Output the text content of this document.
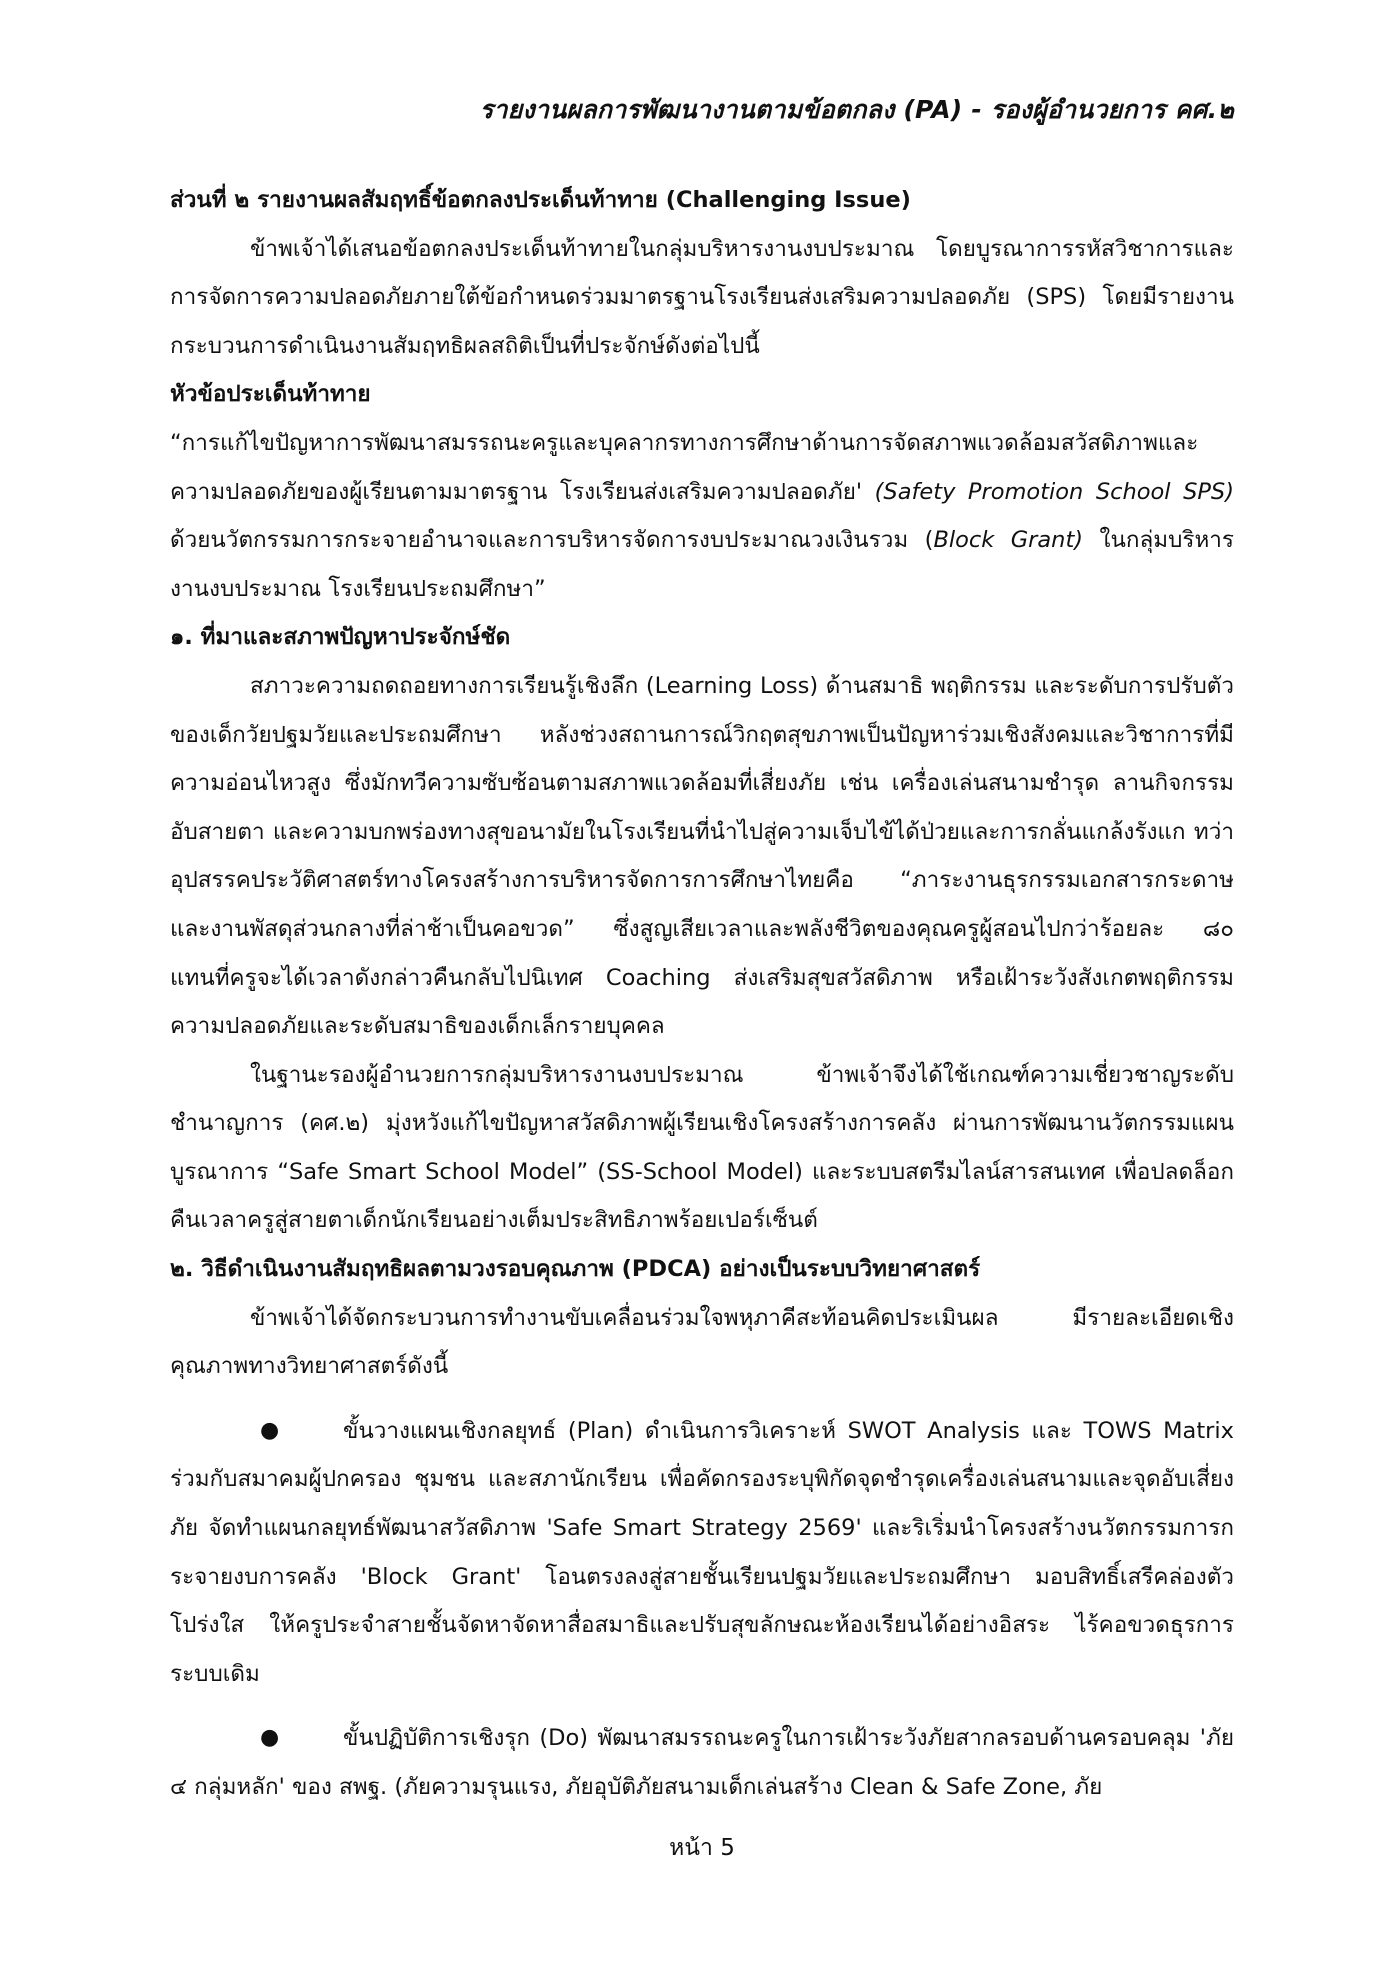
รายงานผลการพัฒนางานตามข้อตกลง (PA) - รองผู้อำนวยการ คศ.๒

ส่วนที่ ๒ รายงานผลสัมฤทธิ์ข้อตกลงประเด็นท้าทาย (Challenging Issue)

ข้าพเจ้าได้เสนอข้อตกลงประเด็นท้าทายในกลุ่มบริหารงานงบประมาณ โดยบูรณาการรหัสวิชาการและการจัดการความปลอดภัยภายใต้ข้อกำหนดร่วมมาตรฐานโรงเรียนส่งเสริมความปลอดภัย (SPS) โดยมีรายงานกระบวนการดำเนินงานสัมฤทธิผลสถิติเป็นที่ประจักษ์ดังต่อไปนี้

หัวข้อประเด็นท้าทาย

“การแก้ไขปัญหาการพัฒนาสมรรถนะครูและบุคลากรทางการศึกษาด้านการจัดสภาพแวดล้อมสวัสดิภาพและความปลอดภัยของผู้เรียนตามมาตรฐาน โรงเรียนส่งเสริมความปลอดภัย' (Safety Promotion School SPS) ด้วยนวัตกรรมการกระจายอำนาจและการบริหารจัดการงบประมาณวงเงินรวม (Block Grant) ในกลุ่มบริหารงานงบประมาณ โรงเรียนประถมศึกษา”

๑. ที่มาและสภาพปัญหาประจักษ์ชัด

สภาวะความถดถอยทางการเรียนรู้เชิงลึก (Learning Loss) ด้านสมาธิ พฤติกรรม และระดับการปรับตัวของเด็กวัยปฐมวัยและประถมศึกษา หลังช่วงสถานการณ์วิกฤตสุขภาพเป็นปัญหาร่วมเชิงสังคมและวิชาการที่มีความอ่อนไหวสูง ซึ่งมักทวีความซับซ้อนตามสภาพแวดล้อมที่เสี่ยงภัย เช่น เครื่องเล่นสนามชำรุด ลานกิจกรรมอับสายตา และความบกพร่องทางสุขอนามัยในโรงเรียนที่นำไปสู่ความเจ็บไข้ได้ป่วยและการกลั่นแกล้งรังแก ทว่า อุปสรรคประวัติศาสตร์ทางโครงสร้างการบริหารจัดการการศึกษาไทยคือ “ภาระงานธุรกรรมเอกสารกระดาษและงานพัสดุส่วนกลางที่ล่าช้าเป็นคอขวด” ซึ่งสูญเสียเวลาและพลังชีวิตของคุณครูผู้สอนไปกว่าร้อยละ ๘๐ แทนที่ครูจะได้เวลาดังกล่าวคืนกลับไปนิเทศ Coaching ส่งเสริมสุขสวัสดิภาพ หรือเฝ้าระวังสังเกตพฤติกรรมความปลอดภัยและระดับสมาธิของเด็กเล็กรายบุคคล

ในฐานะรองผู้อำนวยการกลุ่มบริหารงานงบประมาณ ข้าพเจ้าจึงได้ใช้เกณฑ์ความเชี่ยวชาญระดับชำนาญการ (คศ.๒) มุ่งหวังแก้ไขปัญหาสวัสดิภาพผู้เรียนเชิงโครงสร้างการคลัง ผ่านการพัฒนานวัตกรรมแผนบูรณาการ “Safe Smart School Model” (SS-School Model) และระบบสตรีมไลน์สารสนเทศ เพื่อปลดล็อกคืนเวลาครูสู่สายตาเด็กนักเรียนอย่างเต็มประสิทธิภาพร้อยเปอร์เซ็นต์

๒. วิธีดำเนินงานสัมฤทธิผลตามวงรอบคุณภาพ (PDCA) อย่างเป็นระบบวิทยาศาสตร์

ข้าพเจ้าได้จัดกระบวนการทำงานขับเคลื่อนร่วมใจพหุภาคีสะท้อนคิดประเมินผล มีรายละเอียดเชิงคุณภาพทางวิทยาศาสตร์ดังนี้

●	ขั้นวางแผนเชิงกลยุทธ์ (Plan) ดำเนินการวิเคราะห์ SWOT Analysis และ TOWS Matrix ร่วมกับสมาคมผู้ปกครอง ชุมชน และสภานักเรียน เพื่อคัดกรองระบุพิกัดจุดชำรุดเครื่องเล่นสนามและจุดอับเสี่ยงภัย จัดทำแผนกลยุทธ์พัฒนาสวัสดิภาพ 'Safe Smart Strategy 2569' และริเริ่มนำโครงสร้างนวัตกรรมการกระจายงบการคลัง 'Block Grant' โอนตรงลงสู่สายชั้นเรียนปฐมวัยและประถมศึกษา มอบสิทธิ์เสรีคล่องตัว โปร่งใส ให้ครูประจำสายชั้นจัดหาจัดหาสื่อสมาธิและปรับสุขลักษณะห้องเรียนได้อย่างอิสระ ไร้คอขวดธุรการระบบเดิม

●	ขั้นปฏิบัติการเชิงรุก (Do) พัฒนาสมรรถนะครูในการเฝ้าระวังภัยสากลรอบด้านครอบคลุม 'ภัย ๔ กลุ่มหลัก' ของ สพฐ. (ภัยความรุนแรง, ภัยอุบัติภัยสนามเด็กเล่นสร้าง Clean & Safe Zone, ภัย

หน้า 5
